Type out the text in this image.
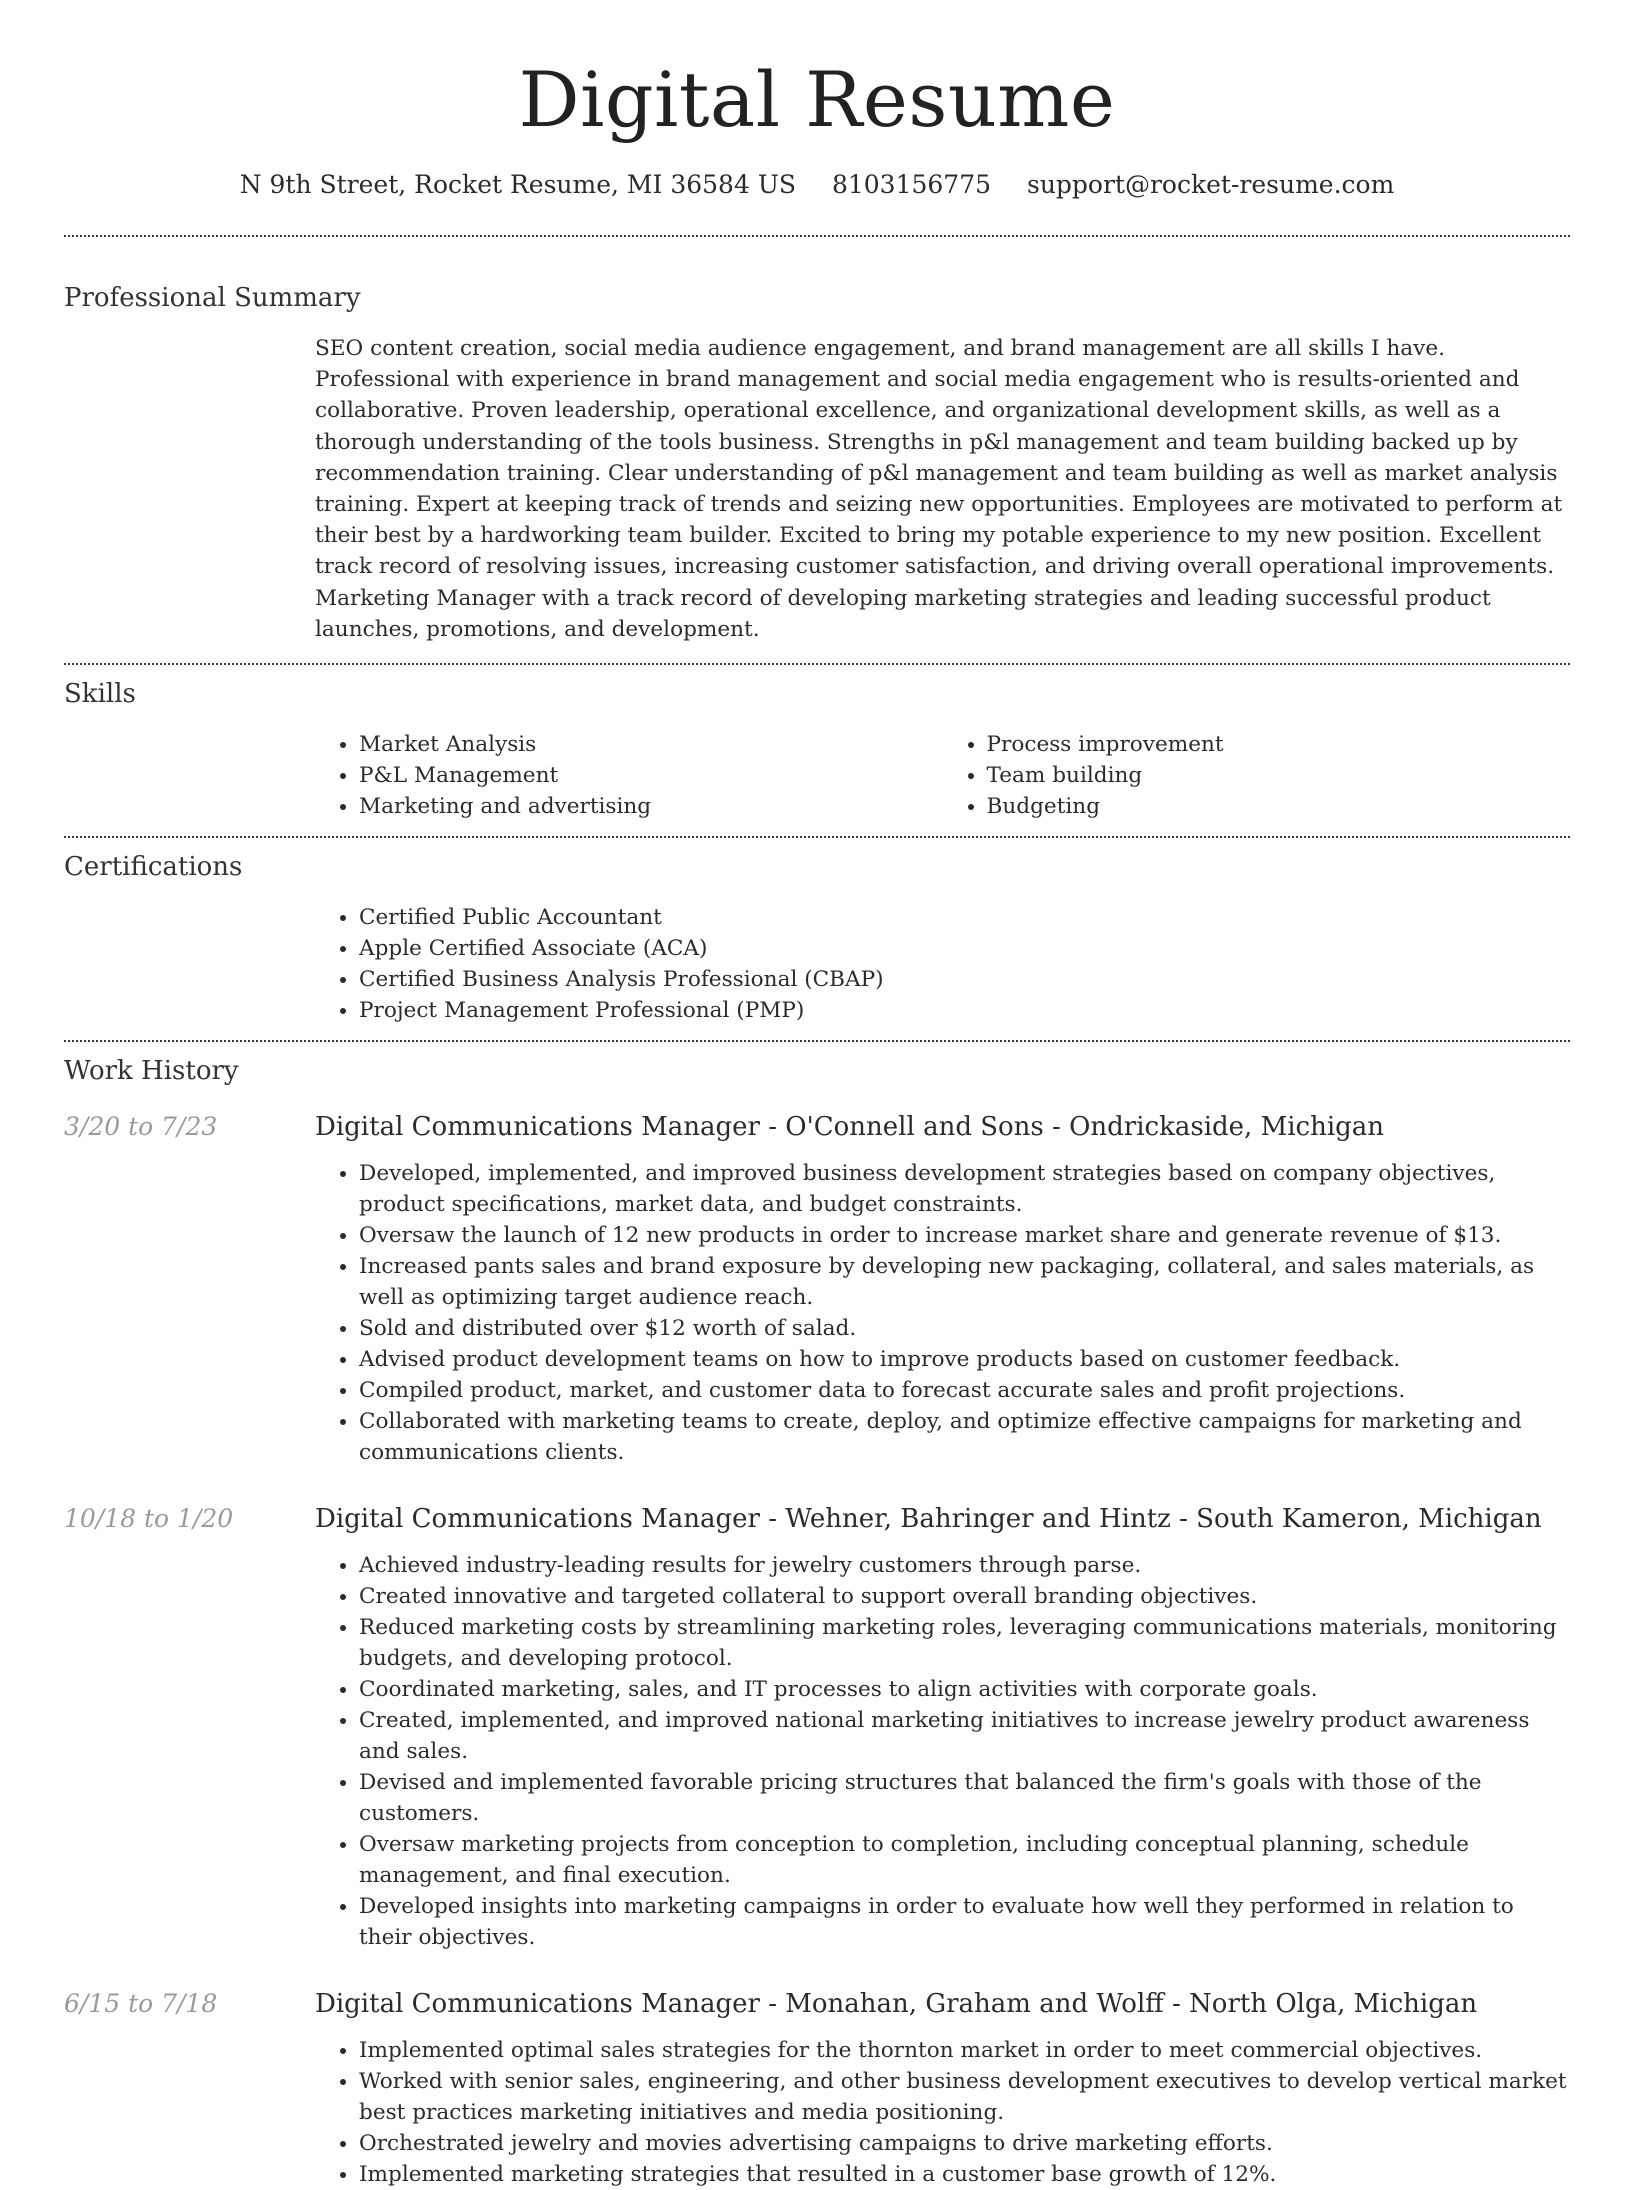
Digital Resume
N 9th Street, Rocket Resume, MI 36584 US 8103156775 support@rocket-resume.com
Professional Summary

SEO content creation, social media audience engagement, and brand management are all skills I have. Professional with experience in brand management and social media engagement who is results-oriented and collaborative. Proven leadership, operational excellence, and organizational development skills, as well as a thorough understanding of the tools business. Strengths in p&l management and team building backed up by recommendation training. Clear understanding of p&l management and team building as well as market analysis training. Expert at keeping track of trends and seizing new opportunities. Employees are motivated to perform at their best by a hardworking team builder. Excited to bring my potable experience to my new position. Excellent track record of resolving issues, increasing customer satisfaction, and driving overall operational improvements. Marketing Manager with a track record of developing marketing strategies and leading successful product launches, promotions, and development.

Skills
• Market Analysis
• P&L Management
• Marketing and advertising
• Process improvement
• Team building
• Budgeting
Certifications
• Certified Public Accountant
• Apple Certified Associate (ACA)
• Certified Business Analysis Professional (CBAP)
• Project Management Professional (PMP)
Work History
3/20 to 7/23	Digital Communications Manager - O'Connell and Sons - Ondrickaside, Michigan
• Developed, implemented, and improved business development strategies based on company objectives, product specifications, market data, and budget constraints.
• Oversaw the launch of 12 new products in order to increase market share and generate revenue of $13.
• Increased pants sales and brand exposure by developing new packaging, collateral, and sales materials, as well as optimizing target audience reach.
• Sold and distributed over $12 worth of salad.
• Advised product development teams on how to improve products based on customer feedback.
• Compiled product, market, and customer data to forecast accurate sales and profit projections.
• Collaborated with marketing teams to create, deploy, and optimize effective campaigns for marketing and communications clients.
10/18 to 1/20	Digital Communications Manager - Wehner, Bahringer and Hintz - South Kameron, Michigan
• Achieved industry-leading results for jewelry customers through parse.
• Created innovative and targeted collateral to support overall branding objectives.
• Reduced marketing costs by streamlining marketing roles, leveraging communications materials, monitoring budgets, and developing protocol.
• Coordinated marketing, sales, and IT processes to align activities with corporate goals.
• Created, implemented, and improved national marketing initiatives to increase jewelry product awareness and sales.
• Devised and implemented favorable pricing structures that balanced the firm's goals with those of the customers.
• Oversaw marketing projects from conception to completion, including conceptual planning, schedule management, and final execution.
• Developed insights into marketing campaigns in order to evaluate how well they performed in relation to their objectives.
6/15 to 7/18	Digital Communications Manager - Monahan, Graham and Wolff - North Olga, Michigan
• Implemented optimal sales strategies for the thornton market in order to meet commercial objectives.
• Worked with senior sales, engineering, and other business development executives to develop vertical market best practices marketing initiatives and media positioning.
• Orchestrated jewelry and movies advertising campaigns to drive marketing efforts.
• Implemented marketing strategies that resulted in a customer base growth of 12%.
